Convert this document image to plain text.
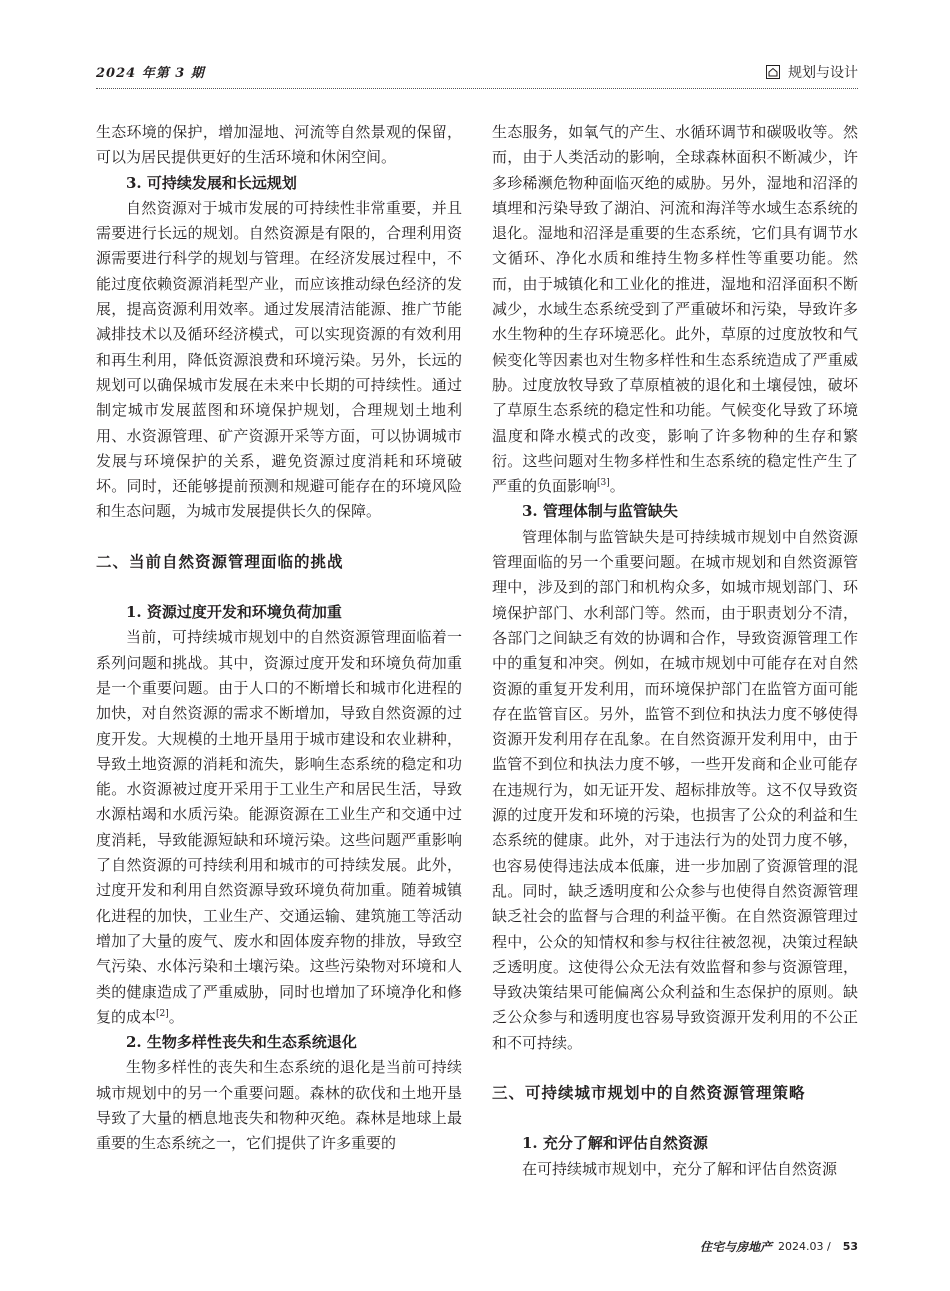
2024 年第 3 期	规划与设计

生态环境的保护，增加湿地、河流等自然景观的保留，可以为居民提供更好的生活环境和休闲空间。

3. 可持续发展和长远规划

自然资源对于城市发展的可持续性非常重要，并且需要进行长远的规划。自然资源是有限的，合理利用资源需要进行科学的规划与管理。在经济发展过程中，不能过度依赖资源消耗型产业，而应该推动绿色经济的发展，提高资源利用效率。通过发展清洁能源、推广节能减排技术以及循环经济模式，可以实现资源的有效利用和再生利用，降低资源浪费和环境污染。另外，长远的规划可以确保城市发展在未来中长期的可持续性。通过制定城市发展蓝图和环境保护规划，合理规划土地利用、水资源管理、矿产资源开采等方面，可以协调城市发展与环境保护的关系，避免资源过度消耗和环境破坏。同时，还能够提前预测和规避可能存在的环境风险和生态问题，为城市发展提供长久的保障。

二、当前自然资源管理面临的挑战

1. 资源过度开发和环境负荷加重

当前，可持续城市规划中的自然资源管理面临着一系列问题和挑战。其中，资源过度开发和环境负荷加重是一个重要问题。由于人口的不断增长和城市化进程的加快，对自然资源的需求不断增加，导致自然资源的过度开发。大规模的土地开垦用于城市建设和农业耕种，导致土地资源的消耗和流失，影响生态系统的稳定和功能。水资源被过度开采用于工业生产和居民生活，导致水源枯竭和水质污染。能源资源在工业生产和交通中过度消耗，导致能源短缺和环境污染。这些问题严重影响了自然资源的可持续利用和城市的可持续发展。此外，过度开发和利用自然资源导致环境负荷加重。随着城镇化进程的加快，工业生产、交通运输、建筑施工等活动增加了大量的废气、废水和固体废弃物的排放，导致空气污染、水体污染和土壤污染。这些污染物对环境和人类的健康造成了严重威胁，同时也增加了环境净化和修复的成本[2]。

2. 生物多样性丧失和生态系统退化

生物多样性的丧失和生态系统的退化是当前可持续城市规划中的另一个重要问题。森林的砍伐和土地开垦导致了大量的栖息地丧失和物种灭绝。森林是地球上最重要的生态系统之一，它们提供了许多重要的

生态服务，如氧气的产生、水循环调节和碳吸收等。然而，由于人类活动的影响，全球森林面积不断减少，许多珍稀濒危物种面临灭绝的威胁。另外，湿地和沼泽的填埋和污染导致了湖泊、河流和海洋等水域生态系统的退化。湿地和沼泽是重要的生态系统，它们具有调节水文循环、净化水质和维持生物多样性等重要功能。然而，由于城镇化和工业化的推进，湿地和沼泽面积不断减少，水域生态系统受到了严重破坏和污染，导致许多水生物种的生存环境恶化。此外，草原的过度放牧和气候变化等因素也对生物多样性和生态系统造成了严重威胁。过度放牧导致了草原植被的退化和土壤侵蚀，破坏了草原生态系统的稳定性和功能。气候变化导致了环境温度和降水模式的改变，影响了许多物种的生存和繁衍。这些问题对生物多样性和生态系统的稳定性产生了严重的负面影响[3]。

3. 管理体制与监管缺失

管理体制与监管缺失是可持续城市规划中自然资源管理面临的另一个重要问题。在城市规划和自然资源管理中，涉及到的部门和机构众多，如城市规划部门、环境保护部门、水利部门等。然而，由于职责划分不清，各部门之间缺乏有效的协调和合作，导致资源管理工作中的重复和冲突。例如，在城市规划中可能存在对自然资源的重复开发利用，而环境保护部门在监管方面可能存在监管盲区。另外，监管不到位和执法力度不够使得资源开发利用存在乱象。在自然资源开发利用中，由于监管不到位和执法力度不够，一些开发商和企业可能存在违规行为，如无证开发、超标排放等。这不仅导致资源的过度开发和环境的污染，也损害了公众的利益和生态系统的健康。此外，对于违法行为的处罚力度不够，也容易使得违法成本低廉，进一步加剧了资源管理的混乱。同时，缺乏透明度和公众参与也使得自然资源管理缺乏社会的监督与合理的利益平衡。在自然资源管理过程中，公众的知情权和参与权往往被忽视，决策过程缺乏透明度。这使得公众无法有效监督和参与资源管理，导致决策结果可能偏离公众利益和生态保护的原则。缺乏公众参与和透明度也容易导致资源开发利用的不公正和不可持续。

三、可持续城市规划中的自然资源管理策略

1. 充分了解和评估自然资源

在可持续城市规划中，充分了解和评估自然资源

住宅与房地产 2024.03 / 53
